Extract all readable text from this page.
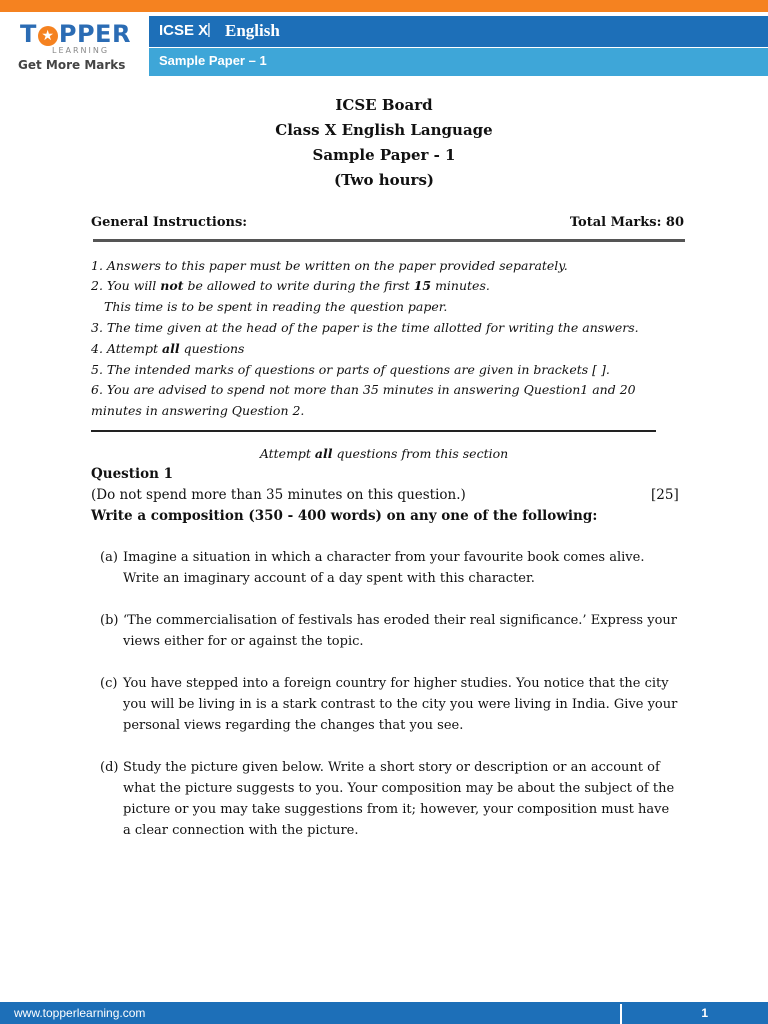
T ★ PPER
LEARNING
Get More Marks
ICSE X
| English
Sample Paper – 1
ICSE Board
Class X English Language
Sample Paper - 1
(Two hours)
General Instructions:	Total Marks: 80
1. Answers to this paper must be written on the paper provided separately.
2. You will not be allowed to write during the first 15 minutes.
This time is to be spent in reading the question paper.
3. The time given at the head of the paper is the time allotted for writing the answers.
4. Attempt all questions
5. The intended marks of questions or parts of questions are given in brackets [ ].
6. You are advised to spend not more than 35 minutes in answering Question1 and 20
minutes in answering Question 2.
Attempt all questions from this section
Question 1
(Do not spend more than 35 minutes on this question.)	[25]
Write a composition (350 - 400 words) on any one of the following:
(a) Imagine a situation in which a character from your favourite book comes alive. Write an imaginary account of a day spent with this character.
(b) ‘The commercialisation of festivals has eroded their real significance.’ Express your views either for or against the topic.
(c) You have stepped into a foreign country for higher studies. You notice that the city you will be living in is a stark contrast to the city you were living in India. Give your personal views regarding the changes that you see.
(d) Study the picture given below. Write a short story or description or an account of what the picture suggests to you. Your composition may be about the subject of the picture or you may take suggestions from it; however, your composition must have a clear connection with the picture.
www.topperlearning.com	1
